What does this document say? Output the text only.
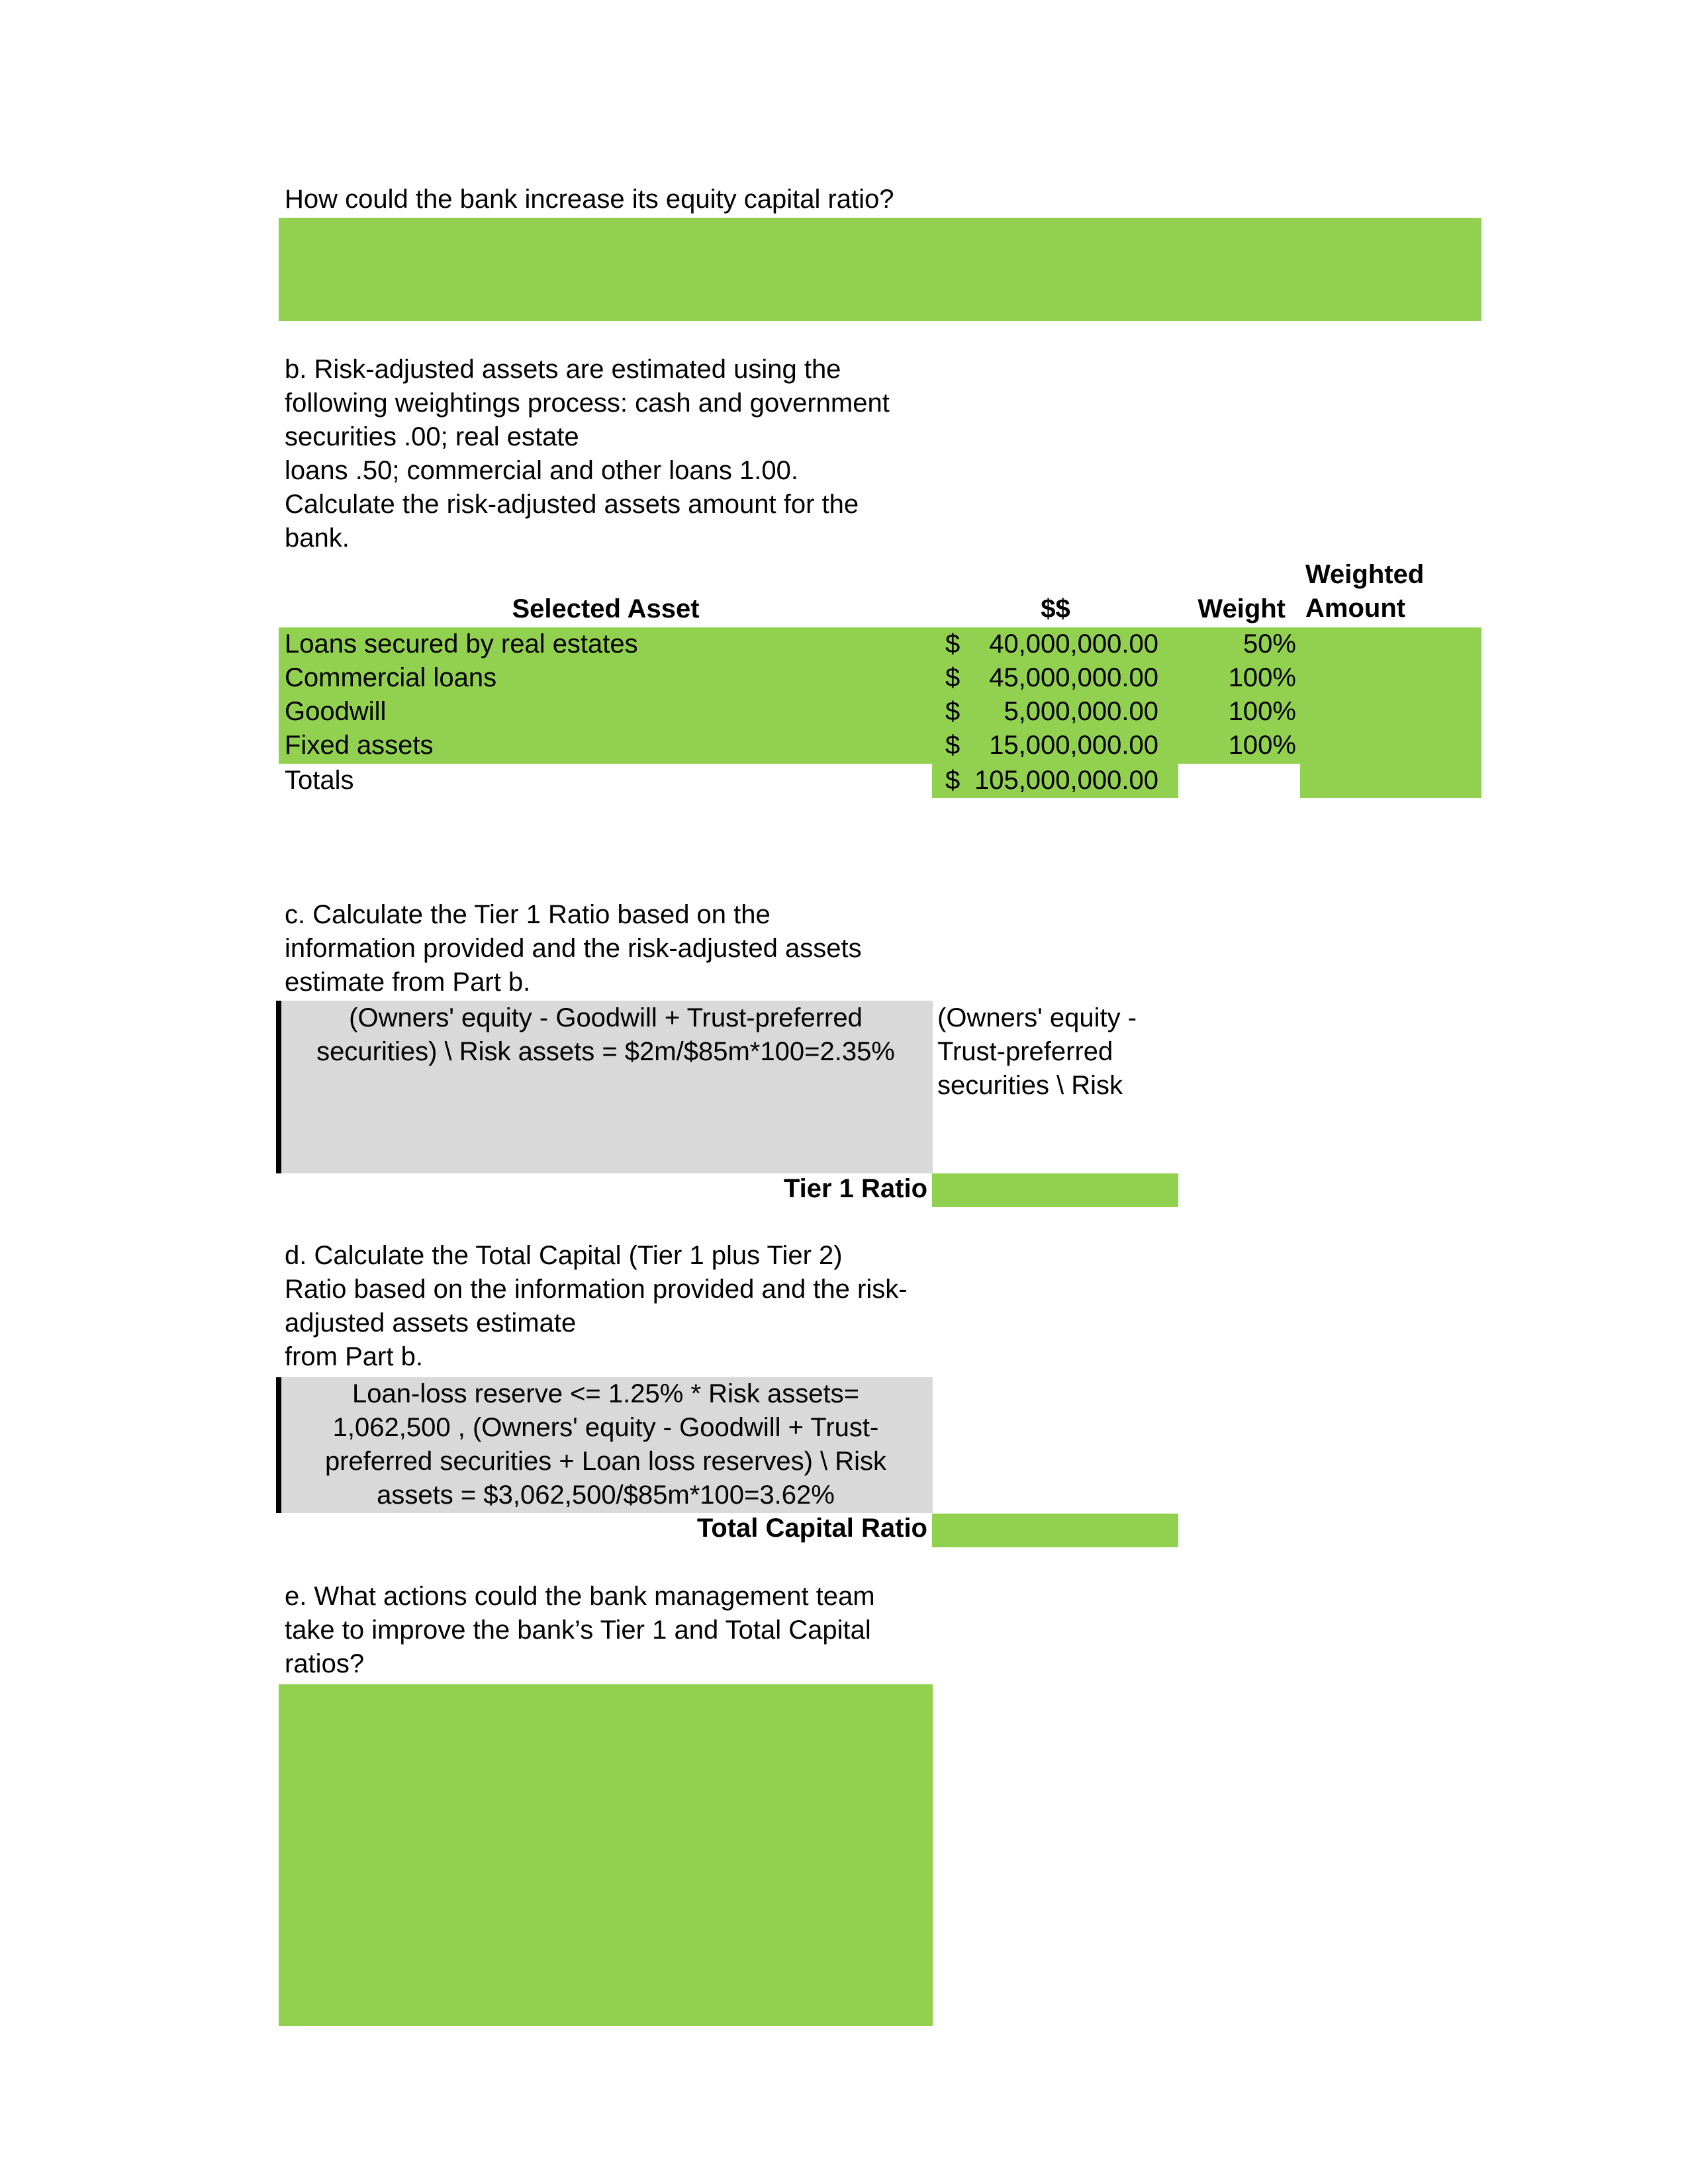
How could the bank increase its equity capital ratio?
b. Risk-adjusted assets are estimated using the
following weightings process: cash and government
securities .00; real estate
loans .50; commercial and other loans 1.00.
Calculate the risk-adjusted assets amount for the
bank.
Selected Asset	$$	Weight
Weighted
Amount
Loans secured by real estates	$ 40,000,000.00	50%
Commercial loans	$ 45,000,000.00	100%
Goodwill	$ 5,000,000.00	100%
Fixed assets	$ 15,000,000.00	100%
Totals	$ 105,000,000.00
c. Calculate the Tier 1 Ratio based on the
information provided and the risk-adjusted assets
estimate from Part b.
(Owners' equity - Goodwill + Trust-preferred
securities) \ Risk assets = $2m/$85m*100=2.35%
(Owners' equity -
Trust-preferred
securities \ Risk
Tier 1 Ratio
d. Calculate the Total Capital (Tier 1 plus Tier 2)
Ratio based on the information provided and the risk-
adjusted assets estimate
from Part b.
Loan-loss reserve <= 1.25% * Risk assets=
1,062,500 , (Owners' equity - Goodwill + Trust-
preferred securities + Loan loss reserves) \ Risk
assets = $3,062,500/$85m*100=3.62%
Total Capital Ratio
e. What actions could the bank management team
take to improve the bank’s Tier 1 and Total Capital
ratios?
